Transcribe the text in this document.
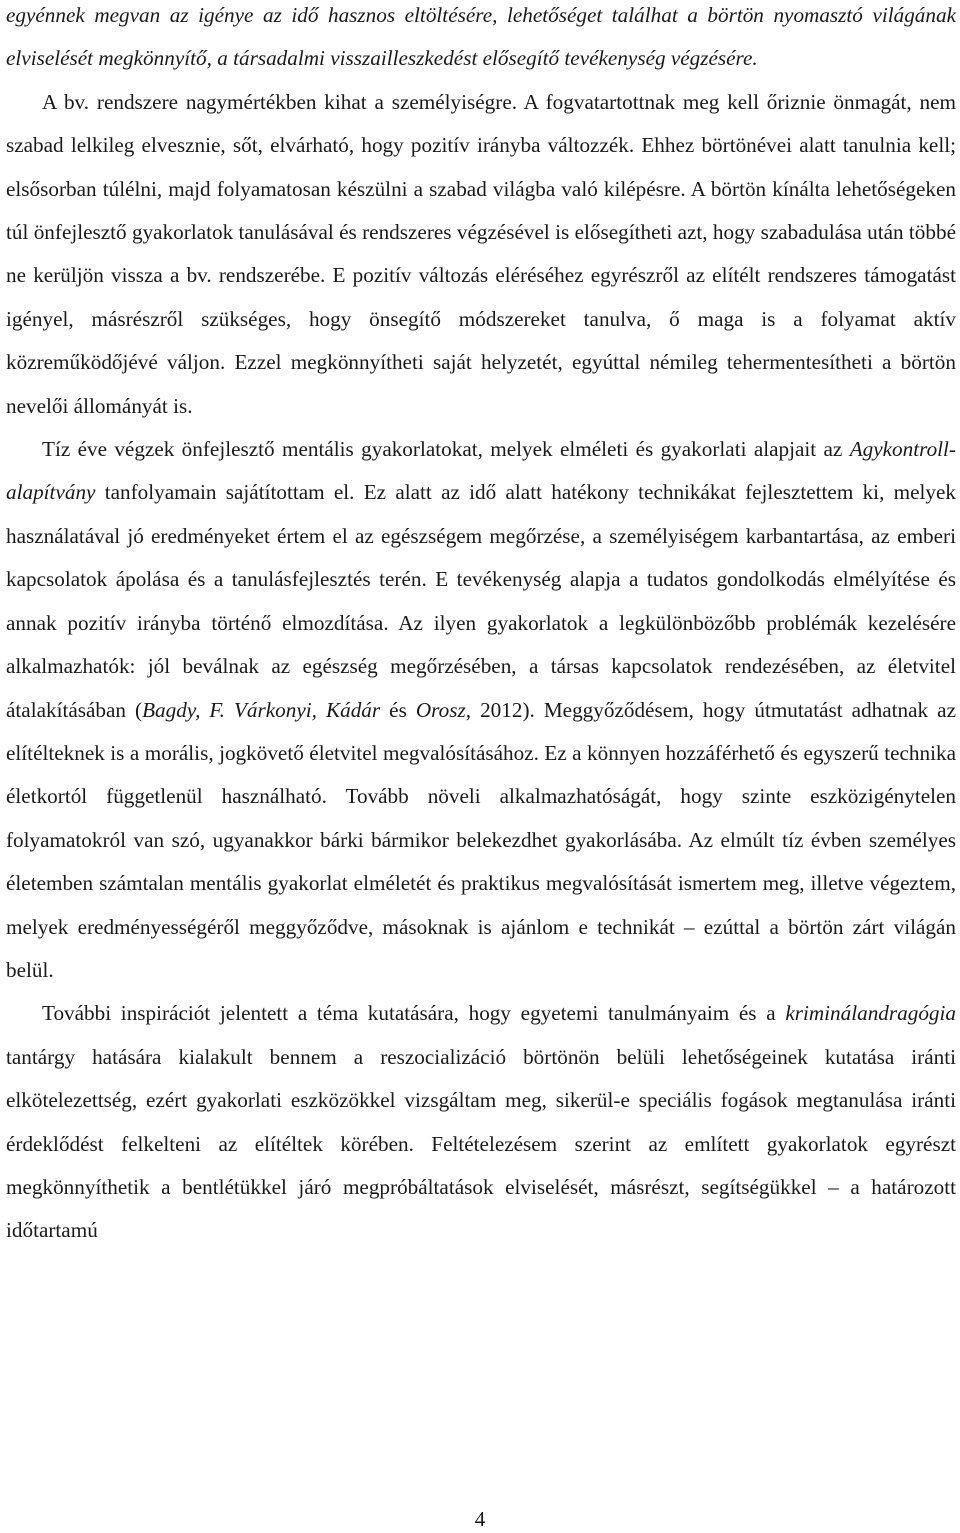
egyénnek megvan az igénye az idő hasznos eltöltésére, lehetőséget találhat a börtön nyomasztó világának elviselését megkönnyítő, a társadalmi visszailleszkedést elősegítő tevékenység végzésére.

A bv. rendszere nagymértékben kihat a személyiségre. A fogvatartottnak meg kell őriznie önmagát, nem szabad lelkileg elvesznie, sőt, elvárható, hogy pozitív irányba változzék. Ehhez börtönévei alatt tanulnia kell; elsősorban túlélni, majd folyamatosan készülni a szabad világba való kilépésre. A börtön kínálta lehetőségeken túl önfejlesztő gyakorlatok tanulásával és rendszeres végzésével is elősegítheti azt, hogy szabadulása után többé ne kerüljön vissza a bv. rendszerébe. E pozitív változás eléréséhez egyrészről az elítélt rendszeres támogatást igényel, másrészről szükséges, hogy önsegítő módszereket tanulva, ő maga is a folyamat aktív közreműködőjévé váljon. Ezzel megkönnyítheti saját helyzetét, egyúttal némileg tehermentesítheti a börtön nevelői állományát is.

Tíz éve végzek önfejlesztő mentális gyakorlatokat, melyek elméleti és gyakorlati alapjait az Agykontroll-alapítvány tanfolyamain sajátítottam el. Ez alatt az idő alatt hatékony technikákat fejlesztettem ki, melyek használatával jó eredményeket értem el az egészségem megőrzése, a személyiségem karbantartása, az emberi kapcsolatok ápolása és a tanulásfejlesztés terén. E tevékenység alapja a tudatos gondolkodás elmélyítése és annak pozitív irányba történő elmozdítása. Az ilyen gyakorlatok a legkülönbözőbb problémák kezelésére alkalmazhatók: jól beválnak az egészség megőrzésében, a társas kapcsolatok rendezésében, az életvitel átalakításában (Bagdy, F. Várkonyi, Kádár és Orosz, 2012). Meggyőződésem, hogy útmutatást adhatnak az elítélteknek is a morális, jogkövető életvitel megvalósításához. Ez a könnyen hozzáférhető és egyszerű technika életkortól függetlenül használható. Tovább növeli alkalmazhatóságát, hogy szinte eszközigénytelen folyamatokról van szó, ugyanakkor bárki bármikor belekezdhet gyakorlásába. Az elmúlt tíz évben személyes életemben számtalan mentális gyakorlat elméletét és praktikus megvalósítását ismertem meg, illetve végeztem, melyek eredményességéről meggyőződve, másoknak is ajánlom e technikát – ezúttal a börtön zárt világán belül.

További inspirációt jelentett a téma kutatására, hogy egyetemi tanulmányaim és a kriminálandragógia tantárgy hatására kialakult bennem a reszocializáció börtönön belüli lehetőségeinek kutatása iránti elkötelezettség, ezért gyakorlati eszközökkel vizsgáltam meg, sikerül-e speciális fogások megtanulása iránti érdeklődést felkelteni az elítéltek körében. Feltételezésem szerint az említett gyakorlatok egyrészt megkönnyíthetik a bentlétükkel járó megpróbáltatások elviselését, másrészt, segítségükkel – a határozott időtartamú

4
